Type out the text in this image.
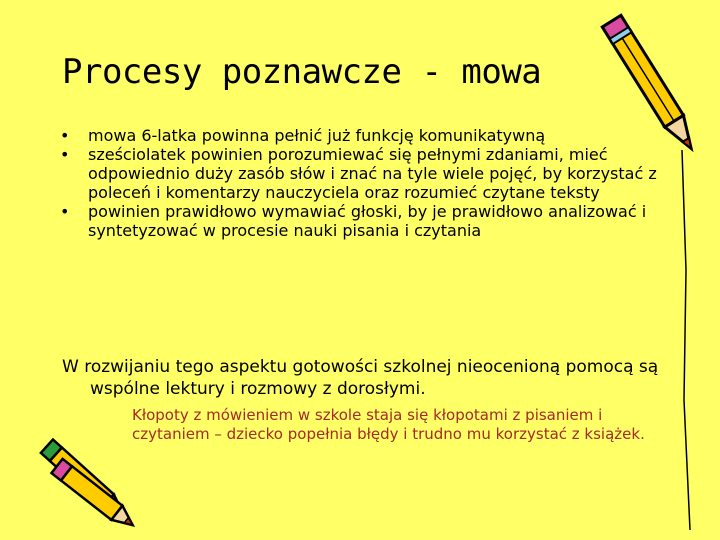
Procesy poznawcze - mowa
• mowa 6-latka powinna pełnić już funkcję komunikatywną
• sześciolatek powinien porozumiewać się pełnymi zdaniami, mieć odpowiednio duży zasób słów i znać na tyle wiele pojęć, by korzystać z poleceń i komentarzy nauczyciela oraz rozumieć czytane teksty
• powinien prawidłowo wymawiać głoski, by je prawidłowo analizować i syntetyzować w procesie nauki pisania i czytania

W rozwijaniu tego aspektu gotowości szkolnej nieocenioną pomocą są wspólne lektury i rozmowy z dorosłymi.

Kłopoty z mówieniem w szkole staja się kłopotami z pisaniem i czytaniem – dziecko popełnia błędy i trudno mu korzystać z książek.
